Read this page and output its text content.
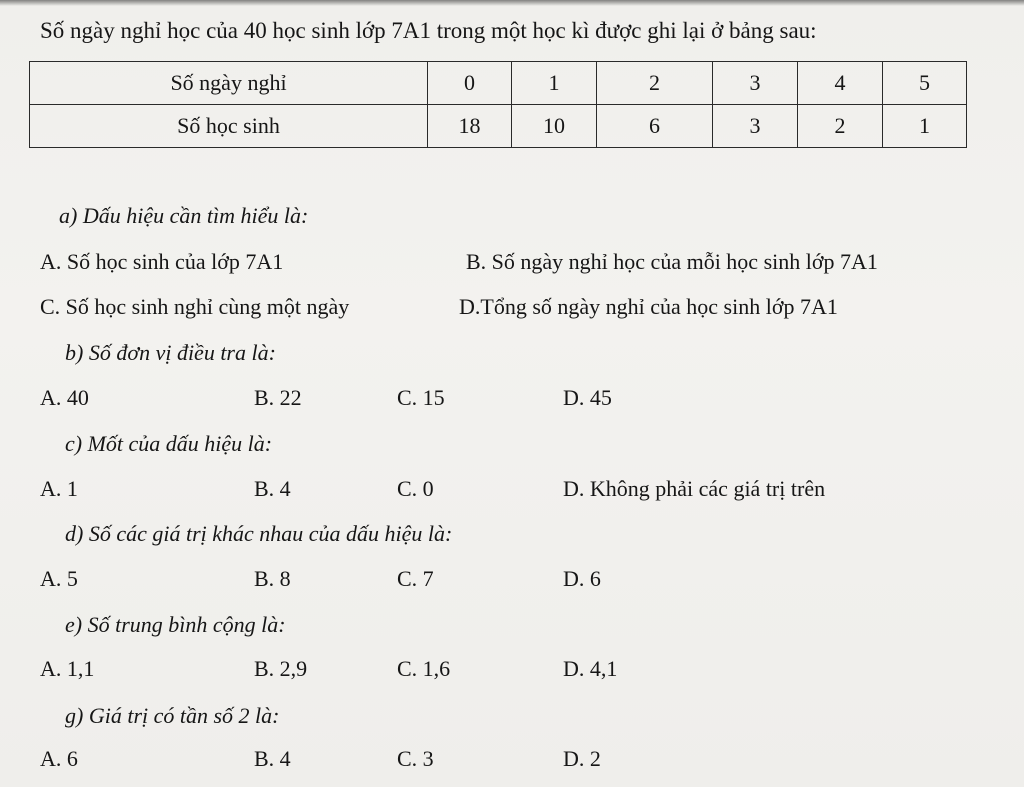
Số ngày nghỉ học của 40 học sinh lớp 7A1 trong một học kì được ghi lại ở bảng sau:
Số ngày nghỉ	0	1	2	3	4	5
Số học sinh	18	10	6	3	2	1
a) Dấu hiệu cần tìm hiểu là:
A. Số học sinh của lớp 7A1	B. Số ngày nghỉ học của mỗi học sinh lớp 7A1
C. Số học sinh nghỉ cùng một ngày	D.Tổng số ngày nghỉ của học sinh lớp 7A1
b) Số đơn vị điều tra là:
A. 40	B. 22	C. 15	D. 45
c) Mốt của dấu hiệu là:
A. 1	B. 4	C. 0	D. Không phải các giá trị trên
d) Số các giá trị khác nhau của dấu hiệu là:
A. 5	B. 8	C. 7	D. 6
e) Số trung bình cộng là:
A. 1,1	B. 2,9	C. 1,6	D. 4,1
g) Giá trị có tần số 2 là:
A. 6	B. 4	C. 3	D. 2
